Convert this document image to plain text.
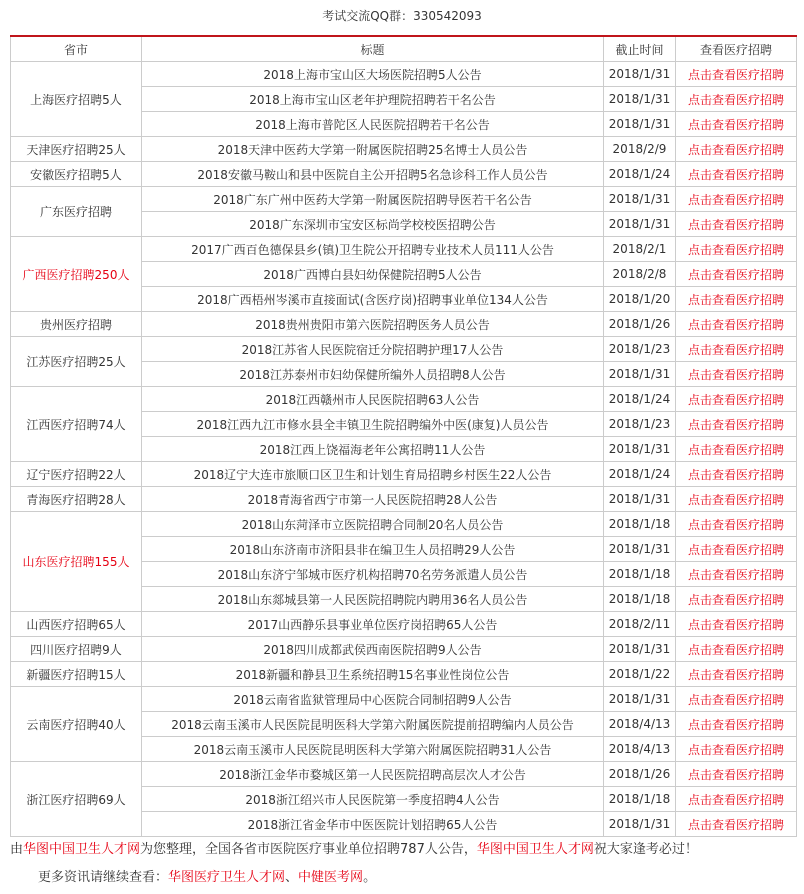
考试交流QQ群：330542093
省市	标题	截止时间	查看医疗招聘
上海医疗招聘5人	2018上海市宝山区大场医院招聘5人公告	2018/1/31	点击查看医疗招聘
	2018上海市宝山区老年护理院招聘若干名公告	2018/1/31	点击查看医疗招聘
	2018上海市普陀区人民医院招聘若干名公告	2018/1/31	点击查看医疗招聘
天津医疗招聘25人	2018天津中医药大学第一附属医院招聘25名博士人员公告	2018/2/9	点击查看医疗招聘
安徽医疗招聘5人	2018安徽马鞍山和县中医院自主公开招聘5名急诊科工作人员公告	2018/1/24	点击查看医疗招聘
广东医疗招聘	2018广东广州中医药大学第一附属医院招聘导医若干名公告	2018/1/31	点击查看医疗招聘
	2018广东深圳市宝安区标尚学校校医招聘公告	2018/1/31	点击查看医疗招聘
广西医疗招聘250人	2017广西百色德保县乡(镇)卫生院公开招聘专业技术人员111人公告	2018/2/1	点击查看医疗招聘
	2018广西博白县妇幼保健院招聘5人公告	2018/2/8	点击查看医疗招聘
	2018广西梧州岑溪市直接面试(含医疗岗)招聘事业单位134人公告	2018/1/20	点击查看医疗招聘
贵州医疗招聘	2018贵州贵阳市第六医院招聘医务人员公告	2018/1/26	点击查看医疗招聘
江苏医疗招聘25人	2018江苏省人民医院宿迁分院招聘护理17人公告	2018/1/23	点击查看医疗招聘
	2018江苏泰州市妇幼保健所编外人员招聘8人公告	2018/1/31	点击查看医疗招聘
江西医疗招聘74人	2018江西赣州市人民医院招聘63人公告	2018/1/24	点击查看医疗招聘
	2018江西九江市修水县全丰镇卫生院招聘编外中医(康复)人员公告	2018/1/23	点击查看医疗招聘
	2018江西上饶福海老年公寓招聘11人公告	2018/1/31	点击查看医疗招聘
辽宁医疗招聘22人	2018辽宁大连市旅顺口区卫生和计划生育局招聘乡村医生22人公告	2018/1/24	点击查看医疗招聘
青海医疗招聘28人	2018青海省西宁市第一人民医院招聘28人公告	2018/1/31	点击查看医疗招聘
山东医疗招聘155人	2018山东菏泽市立医院招聘合同制20名人员公告	2018/1/18	点击查看医疗招聘
	2018山东济南市济阳县非在编卫生人员招聘29人公告	2018/1/31	点击查看医疗招聘
	2018山东济宁邹城市医疗机构招聘70名劳务派遣人员公告	2018/1/18	点击查看医疗招聘
	2018山东郯城县第一人民医院招聘院内聘用36名人员公告	2018/1/18	点击查看医疗招聘
山西医疗招聘65人	2017山西静乐县事业单位医疗岗招聘65人公告	2018/2/11	点击查看医疗招聘
四川医疗招聘9人	2018四川成都武侯西南医院招聘9人公告	2018/1/31	点击查看医疗招聘
新疆医疗招聘15人	2018新疆和静县卫生系统招聘15名事业性岗位公告	2018/1/22	点击查看医疗招聘
云南医疗招聘40人	2018云南省监狱管理局中心医院合同制招聘9人公告	2018/1/31	点击查看医疗招聘
	2018云南玉溪市人民医院昆明医科大学第六附属医院提前招聘编内人员公告	2018/4/13	点击查看医疗招聘
	2018云南玉溪市人民医院昆明医科大学第六附属医院招聘31人公告	2018/4/13	点击查看医疗招聘
浙江医疗招聘69人	2018浙江金华市婺城区第一人民医院招聘高层次人才公告	2018/1/26	点击查看医疗招聘
	2018浙江绍兴市人民医院第一季度招聘4人公告	2018/1/18	点击查看医疗招聘
	2018浙江省金华市中医医院计划招聘65人公告	2018/1/31	点击查看医疗招聘
由华图中国卫生人才网为您整理，全国各省市医院医疗事业单位招聘787人公告，华图中国卫生人才网祝大家逢考必过！
更多资讯请继续查看：华图医疗卫生人才网、中健医考网。
